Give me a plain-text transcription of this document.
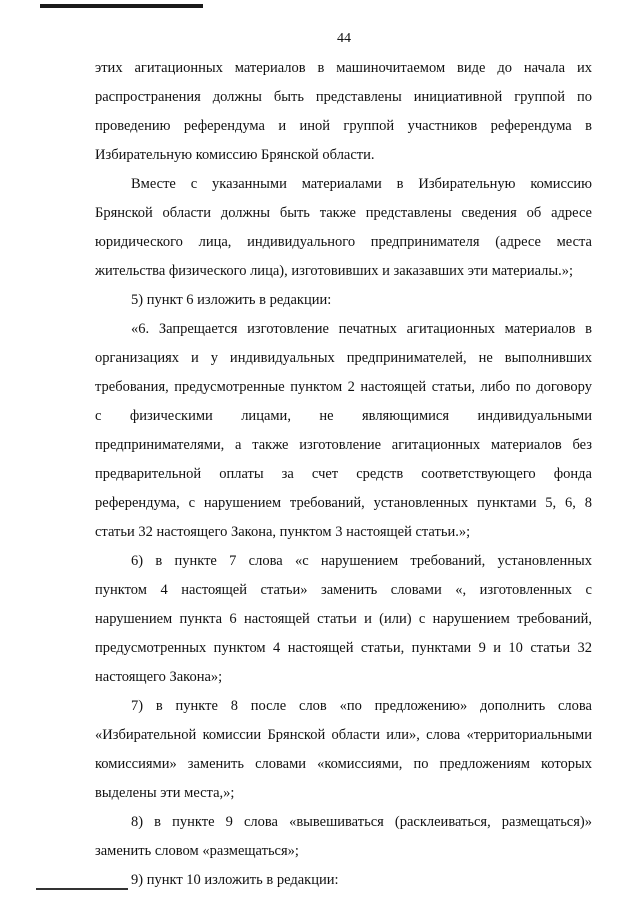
44

этих агитационных материалов в машиночитаемом виде до начала их
распространения должны быть представлены инициативной группой по
проведению референдума и иной группой участников референдума в
Избирательную комиссию Брянской области.

Вместе с указанными материалами в Избирательную комиссию
Брянской области должны быть также представлены сведения об адресе
юридического лица, индивидуального предпринимателя (адресе места
жительства физического лица), изготовивших и заказавших эти материалы.»;

5) пункт 6 изложить в редакции:

«6. Запрещается изготовление печатных агитационных материалов в
организациях и у индивидуальных предпринимателей, не выполнивших
требования, предусмотренные пунктом 2 настоящей статьи, либо по договору
с физическими лицами, не являющимися индивидуальными
предпринимателями, а также изготовление агитационных материалов без
предварительной оплаты за счет средств соответствующего фонда
референдума, с нарушением требований, установленных пунктами 5, 6, 8
статьи 32 настоящего Закона, пунктом 3 настоящей статьи.»;

6) в пункте 7 слова «с нарушением требований, установленных
пунктом 4 настоящей статьи» заменить словами «, изготовленных с
нарушением пункта 6 настоящей статьи и (или) с нарушением требований,
предусмотренных пунктом 4 настоящей статьи, пунктами 9 и 10 статьи 32
настоящего Закона»;

7) в пункте 8 после слов «по предложению» дополнить слова
«Избирательной комиссии Брянской области или», слова «территориальными
комиссиями» заменить словами «комиссиями, по предложениям которых
выделены эти места,»;

8) в пункте 9 слова «вывешиваться (расклеиваться, размещаться)»
заменить словом «размещаться»;

9) пункт 10 изложить в редакции:
